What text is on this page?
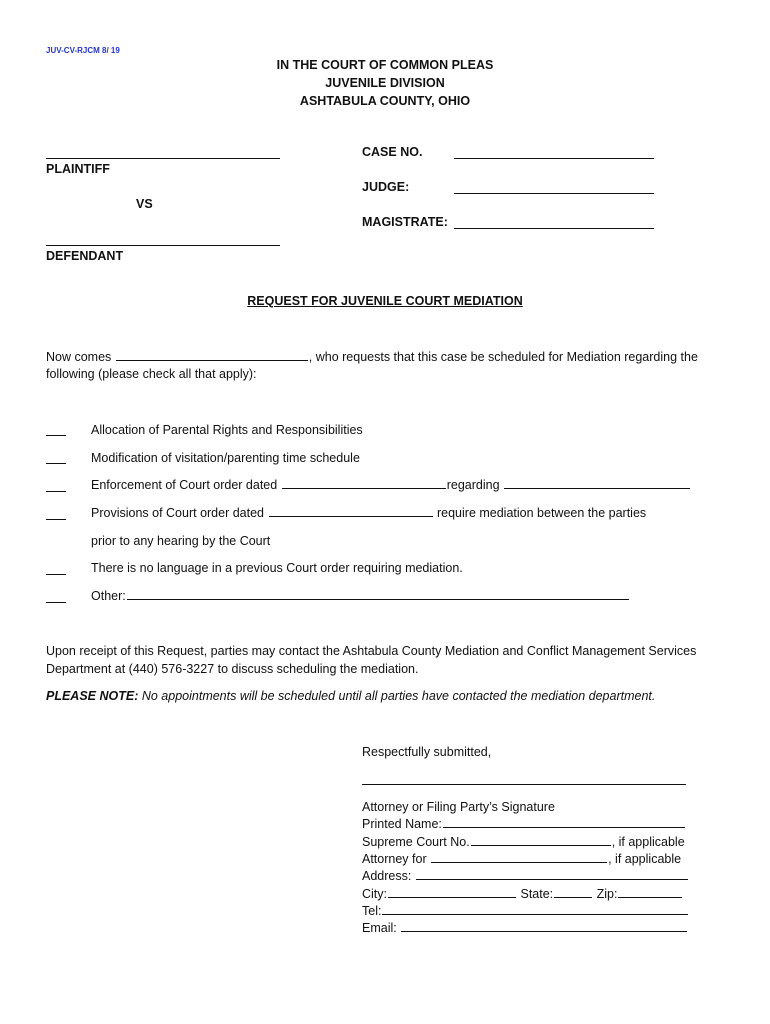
JUV-CV-RJCM 8/ 19
IN THE COURT OF COMMON PLEAS
JUVENILE DIVISION
ASHTABULA COUNTY, OHIO
PLAINTIFF
VS
DEFENDANT
CASE NO.
JUDGE:
MAGISTRATE:
REQUEST FOR JUVENILE COURT MEDIATION
Now comes	, who requests that this case be scheduled for Mediation regarding the
following (please check all that apply):
Allocation of Parental Rights and Responsibilities
Modification of visitation/parenting time schedule
Enforcement of Court order dated	regarding
Provisions of Court order dated	require mediation between the parties
prior to any hearing by the Court
There is no language in a previous Court order requiring mediation.
Other:
Upon receipt of this Request, parties may contact the Ashtabula County Mediation and Conflict Management Services
Department at (440) 576-3227 to discuss scheduling the mediation.
PLEASE NOTE: No appointments will be scheduled until all parties have contacted the mediation department.
Respectfully submitted,
Attorney or Filing Party’s Signature
Printed Name:
Supreme Court No.	, if applicable
Attorney for	, if applicable
Address:
City:	State:	Zip:
Tel:
Email:
